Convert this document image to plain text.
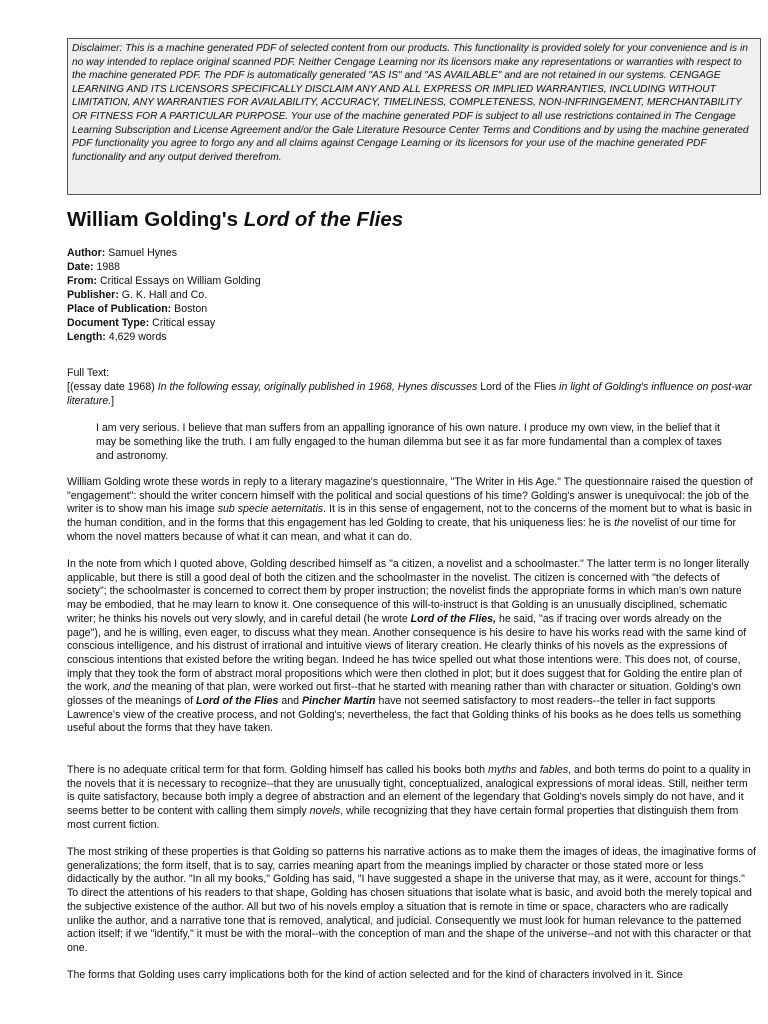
Disclaimer: This is a machine generated PDF of selected content from our products. This functionality is provided solely for your convenience and is in no way intended to replace original scanned PDF. Neither Cengage Learning nor its licensors make any representations or warranties with respect to the machine generated PDF. The PDF is automatically generated "AS IS" and "AS AVAILABLE" and are not retained in our systems. CENGAGE LEARNING AND ITS LICENSORS SPECIFICALLY DISCLAIM ANY AND ALL EXPRESS OR IMPLIED WARRANTIES, INCLUDING WITHOUT LIMITATION, ANY WARRANTIES FOR AVAILABILITY, ACCURACY, TIMELINESS, COMPLETENESS, NON-INFRINGEMENT, MERCHANTABILITY OR FITNESS FOR A PARTICULAR PURPOSE. Your use of the machine generated PDF is subject to all use restrictions contained in The Cengage Learning Subscription and License Agreement and/or the Gale Literature Resource Center Terms and Conditions and by using the machine generated PDF functionality you agree to forgo any and all claims against Cengage Learning or its licensors for your use of the machine generated PDF functionality and any output derived therefrom.
William Golding's Lord of the Flies
Author: Samuel Hynes
Date: 1988
From: Critical Essays on William Golding
Publisher: G. K. Hall and Co.
Place of Publication: Boston
Document Type: Critical essay
Length: 4,629 words
Full Text:
[(essay date 1968) In the following essay, originally published in 1968, Hynes discusses Lord of the Flies in light of Golding's influence on post-war literature.]
I am very serious. I believe that man suffers from an appalling ignorance of his own nature. I produce my own view, in the belief that it may be something like the truth. I am fully engaged to the human dilemma but see it as far more fundamental than a complex of taxes and astronomy.

William Golding wrote these words in reply to a literary magazine's questionnaire, "The Writer in His Age." The questionnaire raised the question of "engagement": should the writer concern himself with the political and social questions of his time? Golding's answer is unequivocal: the job of the writer is to show man his image sub specie aeternitatis. It is in this sense of engagement, not to the concerns of the moment but to what is basic in the human condition, and in the forms that this engagement has led Golding to create, that his uniqueness lies: he is the novelist of our time for whom the novel matters because of what it can mean, and what it can do.

In the note from which I quoted above, Golding described himself as "a citizen, a novelist and a schoolmaster." The latter term is no longer literally applicable, but there is still a good deal of both the citizen and the schoolmaster in the novelist. The citizen is concerned with "the defects of society"; the schoolmaster is concerned to correct them by proper instruction; the novelist finds the appropriate forms in which man's own nature may be embodied, that he may learn to know it. One consequence of this will-to-instruct is that Golding is an unusually disciplined, schematic writer; he thinks his novels out very slowly, and in careful detail (he wrote Lord of the Flies, he said, "as if tracing over words already on the page"), and he is willing, even eager, to discuss what they mean. Another consequence is his desire to have his works read with the same kind of conscious intelligence, and his distrust of irrational and intuitive views of literary creation. He clearly thinks of his novels as the expressions of conscious intentions that existed before the writing began. Indeed he has twice spelled out what those intentions were. This does not, of course, imply that they took the form of abstract moral propositions which were then clothed in plot; but it does suggest that for Golding the entire plan of the work, and the meaning of that plan, were worked out first--that he started with meaning rather than with character or situation. Golding's own glosses of the meanings of Lord of the Flies and Pincher Martin have not seemed satisfactory to most readers--the teller in fact supports Lawrence's view of the creative process, and not Golding's; nevertheless, the fact that Golding thinks of his books as he does tells us something useful about the forms that they have taken.

There is no adequate critical term for that form. Golding himself has called his books both myths and fables, and both terms do point to a quality in the novels that it is necessary to recognize--that they are unusually tight, conceptualized, analogical expressions of moral ideas. Still, neither term is quite satisfactory, because both imply a degree of abstraction and an element of the legendary that Golding's novels simply do not have, and it seems better to be content with calling them simply novels, while recognizing that they have certain formal properties that distinguish them from most current fiction.

The most striking of these properties is that Golding so patterns his narrative actions as to make them the images of ideas, the imaginative forms of generalizations; the form itself, that is to say, carries meaning apart from the meanings implied by character or those stated more or less didactically by the author. "In all my books," Golding has said, "I have suggested a shape in the universe that may, as it were, account for things." To direct the attentions of his readers to that shape, Golding has chosen situations that isolate what is basic, and avoid both the merely topical and the subjective existence of the author. All but two of his novels employ a situation that is remote in time or space, characters who are radically unlike the author, and a narrative tone that is removed, analytical, and judicial. Consequently we must look for human relevance to the patterned action itself; if we "identify," it must be with the moral--with the conception of man and the shape of the universe--and not with this character or that one.

The forms that Golding uses carry implications both for the kind of action selected and for the kind of characters involved in it. Since
